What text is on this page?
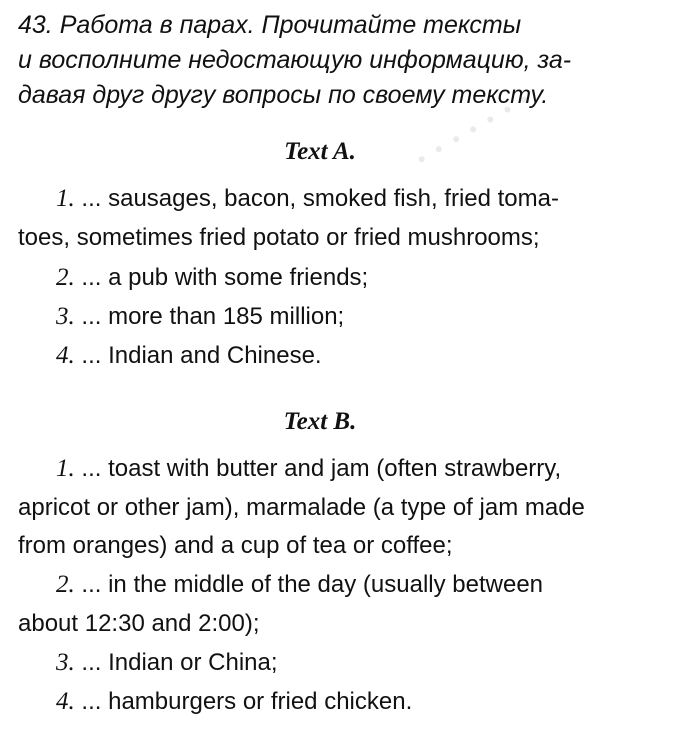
• • • • • • •
43. Работа в парах. Прочитайте тексты
и восполните недостающую информацию, за-
давая друг другу вопросы по своему тексту.
Text A.
1. ... sausages, bacon, smoked fish, fried toma-
toes, sometimes fried potato or fried mushrooms;
2. ... a pub with some friends;
3. ... more than 185 million;
4. ... Indian and Chinese.
Text B.
1. ... toast with butter and jam (often strawberry,
apricot or other jam), marmalade (a type of jam made
from oranges) and a cup of tea or coffee;
2. ... in the middle of the day (usually between
about 12:30 and 2:00);
3. ... Indian or China;
4. ... hamburgers or fried chicken.
